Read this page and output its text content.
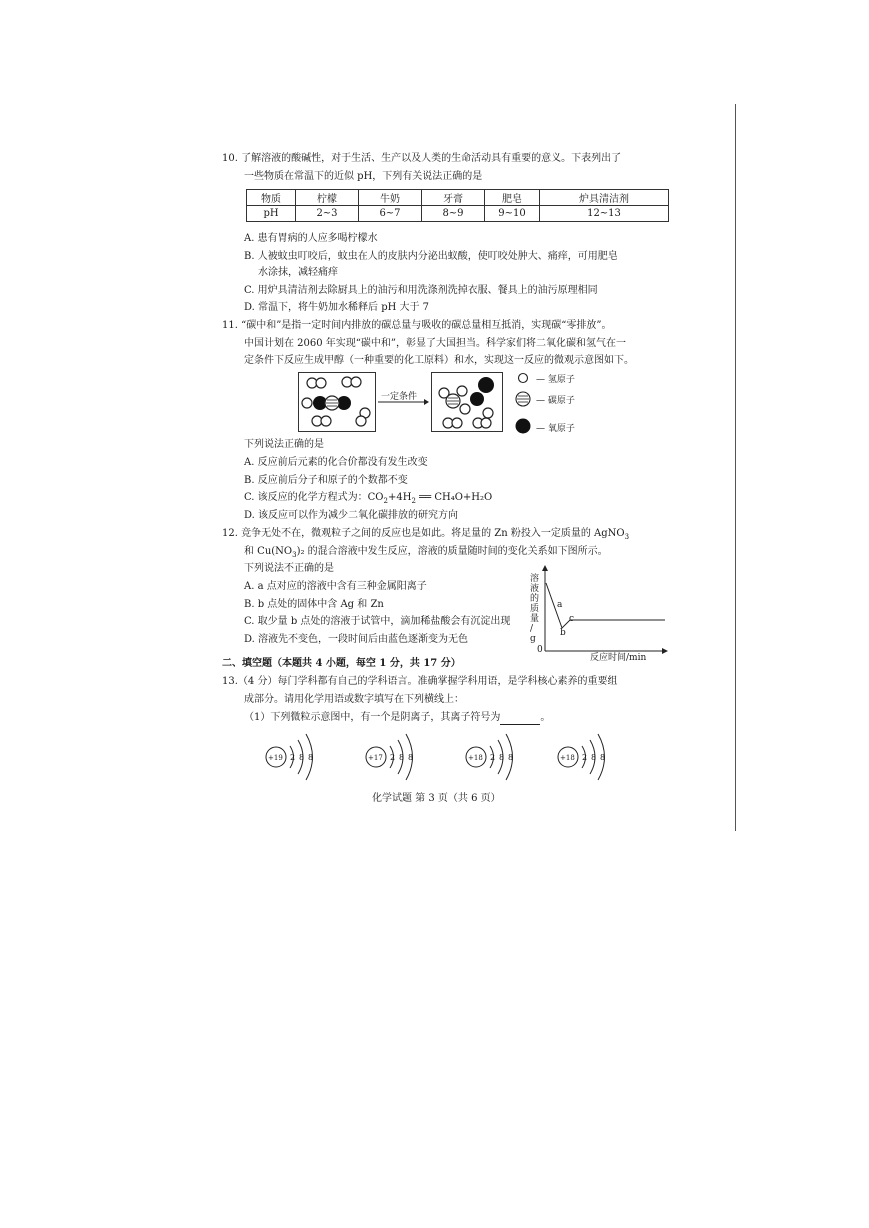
10. 了解溶液的酸碱性，对于生活、生产以及人类的生命活动具有重要的意义。下表列出了
一些物质在常温下的近似 pH，下列有关说法正确的是
物质	柠檬	牛奶	牙膏	肥皂	炉具清洁剂
pH	2~3	6~7	8~9	9~10	12~13
A. 患有胃病的人应多喝柠檬水
B. 人被蚊虫叮咬后，蚊虫在人的皮肤内分泌出蚁酸，使叮咬处肿大、痛痒，可用肥皂
水涂抹，减轻痛痒
C. 用炉具清洁剂去除厨具上的油污和用洗涤剂洗掉衣服、餐具上的油污原理相同
D. 常温下，将牛奶加水稀释后 pH 大于 7
11. “碳中和”是指一定时间内排放的碳总量与吸收的碳总量相互抵消，实现碳“零排放”。
中国计划在 2060 年实现“碳中和”，彰显了大国担当。科学家们将二氧化碳和氢气在一
定条件下反应生成甲醇（一种重要的化工原料）和水，实现这一反应的微观示意图如下。
一定条件
— 氢原子
— 碳原子
— 氧原子
下列说法正确的是
A. 反应前后元素的化合价都没有发生改变
B. 反应前后分子和原子的个数都不变
C. 该反应的化学方程式为：$CO_2+4H_2$ ══ CH₄O+H₂O
D. 该反应可以作为减少二氧化碳排放的研究方向
12. 竞争无处不在，微观粒子之间的反应也是如此。将足量的 Zn 粉投入一定质量的 AgNO$_3$
和 $Cu(NO_3)_2$ 的混合溶液中发生反应，溶液的质量随时间的变化关系如下图所示。
下列说法不正确的是
A. a 点对应的溶液中含有三种金属阳离子
B. b 点处的固体中含 Ag 和 Zn
C. 取少量 b 点处的溶液于试管中，滴加稀盐酸会有沉淀出现
D. 溶液先不变色，一段时间后由蓝色逐渐变为无色
溶
液
的
质
量
/
g
a
b
c
0
反应时间/min
二、填空题（本题共 4 小题，每空 1 分，共 17 分）
13.（4 分）每门学科都有自己的学科语言。准确掌握学科用语，是学科核心素养的重要组
成部分。请用化学用语或数字填写在下列横线上：
（1）下列微粒示意图中，有一个是阴离子，其离子符号为	。
+19 2 8 8	+17 2 8 8	+18 2 8 8	+18 2 8 8
化学试题 第 3 页（共 6 页）
